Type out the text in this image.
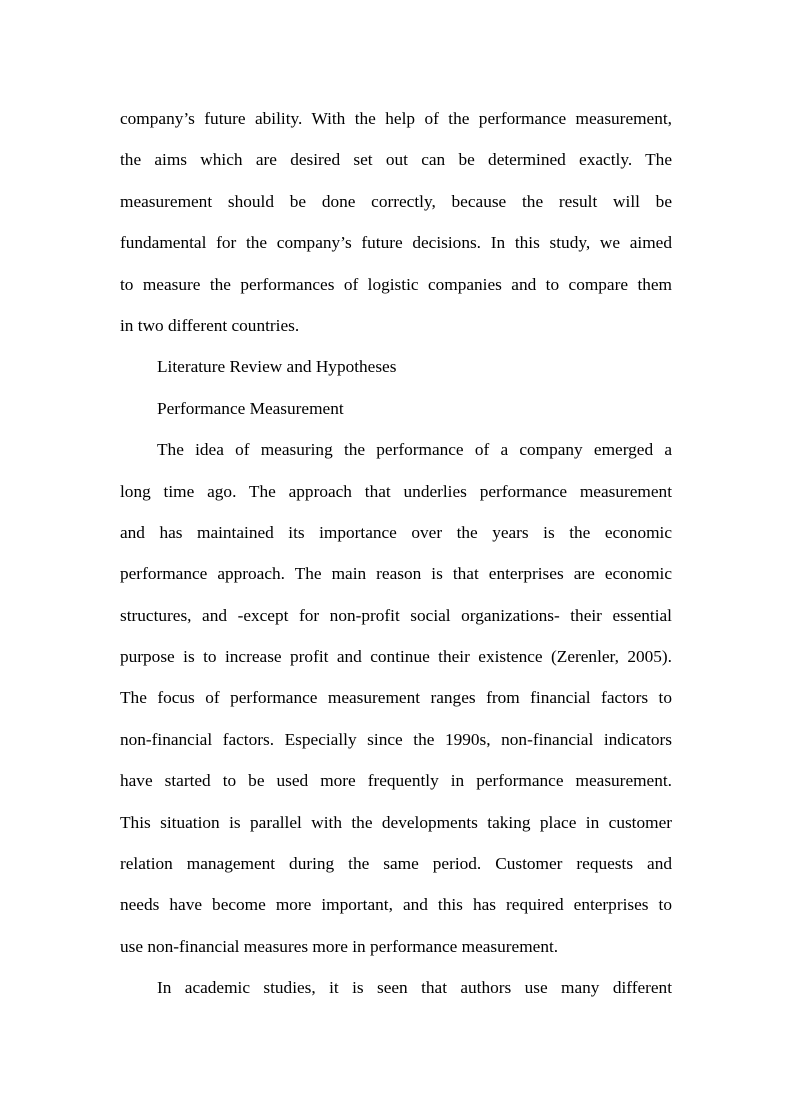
company’s future ability. With the help of the performance measurement,
the aims which are desired set out can be determined exactly. The
measurement should be done correctly, because the result will be
fundamental for the company’s future decisions. In this study, we aimed
to measure the performances of logistic companies and to compare them
in two different countries.
Literature Review and Hypotheses
Performance Measurement
The idea of measuring the performance of a company emerged a
long time ago. The approach that underlies performance measurement
and has maintained its importance over the years is the economic
performance approach. The main reason is that enterprises are economic
structures, and -except for non-profit social organizations- their essential
purpose is to increase profit and continue their existence (Zerenler, 2005).
The focus of performance measurement ranges from financial factors to
non-financial factors. Especially since the 1990s, non-financial indicators
have started to be used more frequently in performance measurement.
This situation is parallel with the developments taking place in customer
relation management during the same period. Customer requests and
needs have become more important, and this has required enterprises to
use non-financial measures more in performance measurement.
In academic studies, it is seen that authors use many different
